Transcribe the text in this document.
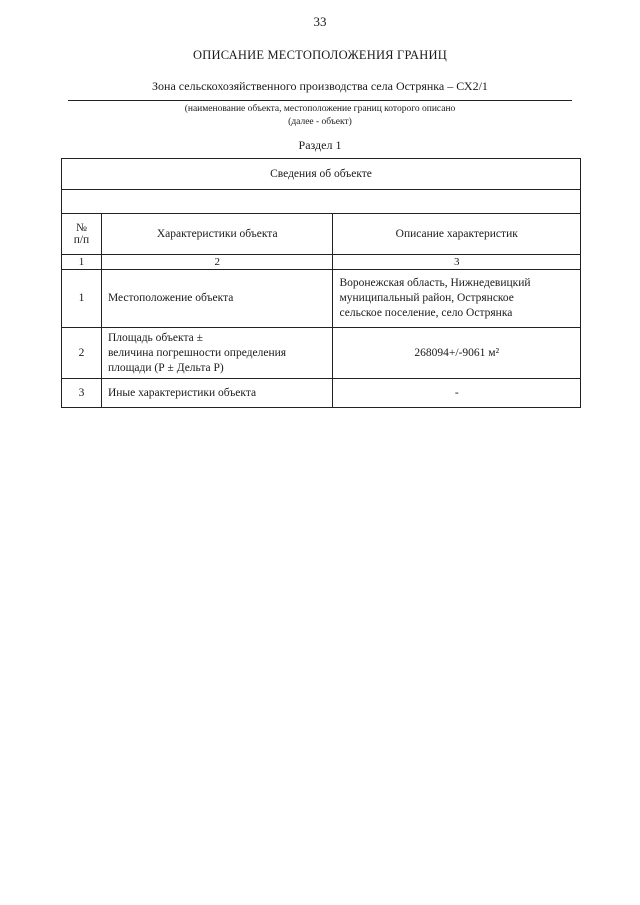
33
ОПИСАНИЕ МЕСТОПОЛОЖЕНИЯ ГРАНИЦ
Зона сельскохозяйственного производства села Острянка – СХ2/1
(наименование объекта, местоположение границ которого описано
(далее - объект)
Раздел 1
Сведения об объекте		

№
п/п	Характеристики объекта	Описание характеристик
1	2	3
1	Местоположение объекта	Воронежская область, Нижнедевицкий
муниципальный район, Острянское
сельское поселение, село Острянка

2	Площадь объекта ±
величина погрешности определения
площади (Р ± Дельта Р)	268094+/-9061 м²
3	Иные характеристики объекта	-
